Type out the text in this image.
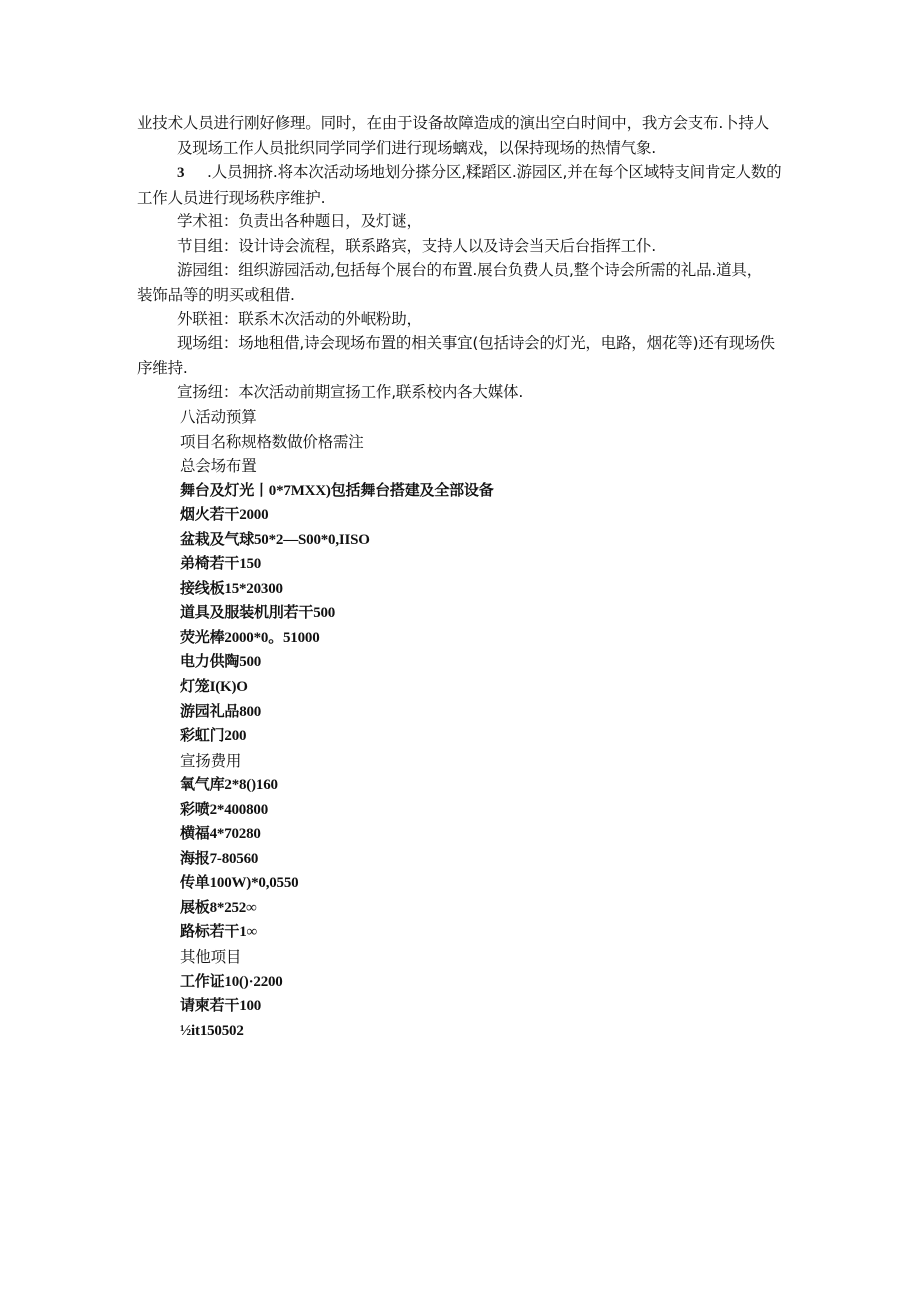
业技术人员进行刚好修理。同时，在由于设备故障造成的演出空白时间中，我方会支布.卜持人
及现场工作人员批织同学同学们进行现场螭戏，以保持现场的热情气象.
3 .人员拥挤.将本次活动场地划分搽分区,糅蹈区.游园区,并在每个区域特支间肯定人数的
工作人员进行现场秩序维护.
学术祖：负责出各种题日，及灯谜，
节目组：设计诗会流程，联系路宾，支持人以及诗会当天后台指挥工仆.
游园组：组织游园活动,包括每个展台的布置.展台负费人员,整个诗会所需的礼品.道具，
装饰品等的明买或租借.
外联祖：联系木次活动的外岷粉助，
现场组：场地租借,诗会现场布置的相关事宜(包括诗会的灯光，电路，烟花等)还有现场佚
序维持.
宣扬纽：本次活动前期宣扬工作,联系校内各大媒体.
八活动预算
项目名称规格数做价格需注
总会场布置
舞台及灯光丨0*7MXX)包括舞台搭建及全部设备
烟火若干2000
盆栽及气球50*2—S00*0,IISO
弟椅若干150
接线板15*20300
道具及服装机刖若干500
荧光棒2000*0。51000
电力供陶500
灯笼I(K)O
游园礼品800
彩虹门200
宣扬费用
氧气库2*8()160
彩喷2*400800
横福4*70280
海报7-80560
传单100W)*0,0550
展板8*252∞
路标若干1∞
其他项目
工作证10()·2200
请柬若干100
½it150502
